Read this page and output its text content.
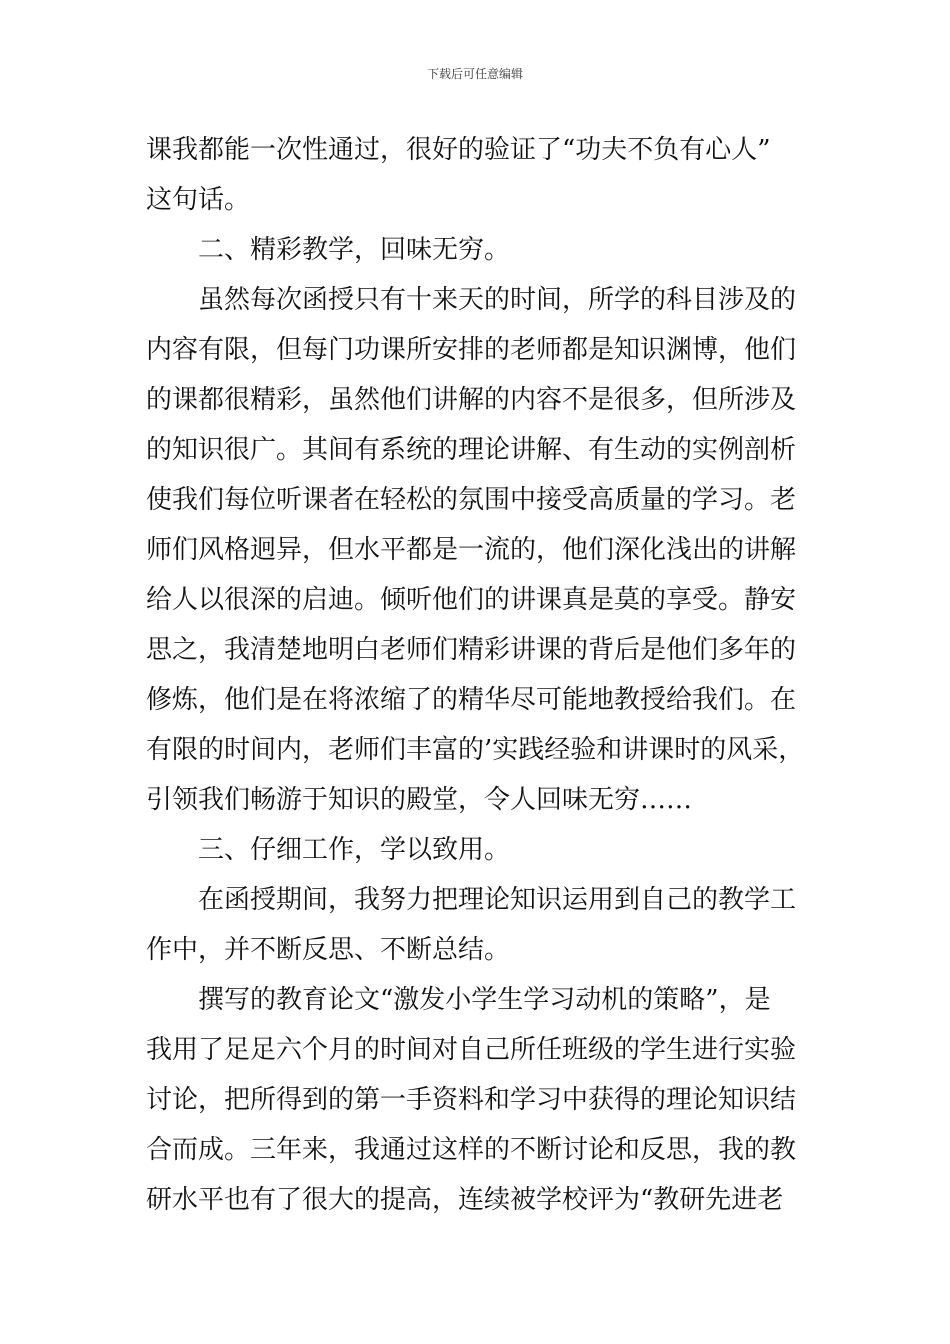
下载后可任意编辑
课我都能一次性通过，很好的验证了“功夫不负有心人”
这句话。
二、精彩教学，回味无穷。
虽然每次函授只有十来天的时间，所学的科目涉及的
内容有限，但每门功课所安排的老师都是知识渊博，他们
的课都很精彩，虽然他们讲解的内容不是很多，但所涉及
的知识很广。其间有系统的理论讲解、有生动的实例剖析
使我们每位听课者在轻松的氛围中接受高质量的学习。老
师们风格迥异，但水平都是一流的，他们深化浅出的讲解
给人以很深的启迪。倾听他们的讲课真是莫的享受。静安
思之，我清楚地明白老师们精彩讲课的背后是他们多年的
修炼，他们是在将浓缩了的精华尽可能地教授给我们。在
有限的时间内，老师们丰富的’实践经验和讲课时的风采，
引领我们畅游于知识的殿堂，令人回味无穷……
三、仔细工作，学以致用。
在函授期间，我努力把理论知识运用到自己的教学工
作中，并不断反思、不断总结。
撰写的教育论文“激发小学生学习动机的策略”，是
我用了足足六个月的时间对自己所任班级的学生进行实验
讨论，把所得到的第一手资料和学习中获得的理论知识结
合而成。三年来，我通过这样的不断讨论和反思，我的教
研水平也有了很大的提高，连续被学校评为“教研先进老
